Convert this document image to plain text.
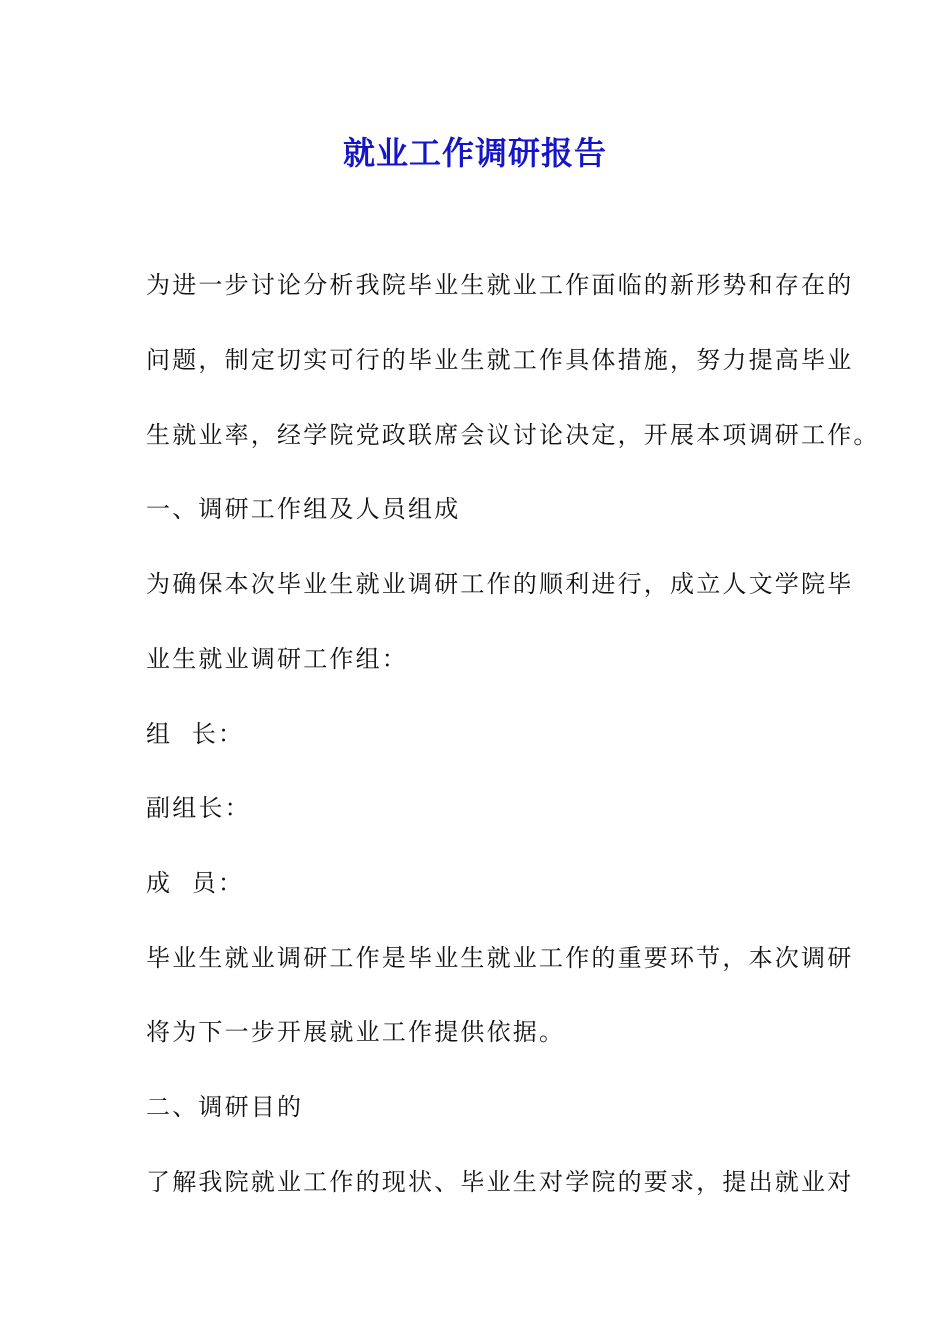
就业工作调研报告
为进一步讨论分析我院毕业生就业工作面临的新形势和存在的
问题，制定切实可行的毕业生就工作具体措施，努力提高毕业
生就业率，经学院党政联席会议讨论决定，开展本项调研工作。
一、调研工作组及人员组成
为确保本次毕业生就业调研工作的顺利进行，成立人文学院毕
业生就业调研工作组：
组  长：
副组长：
成  员：
毕业生就业调研工作是毕业生就业工作的重要环节，本次调研
将为下一步开展就业工作提供依据。
二、调研目的
了解我院就业工作的现状、毕业生对学院的要求，提出就业对
